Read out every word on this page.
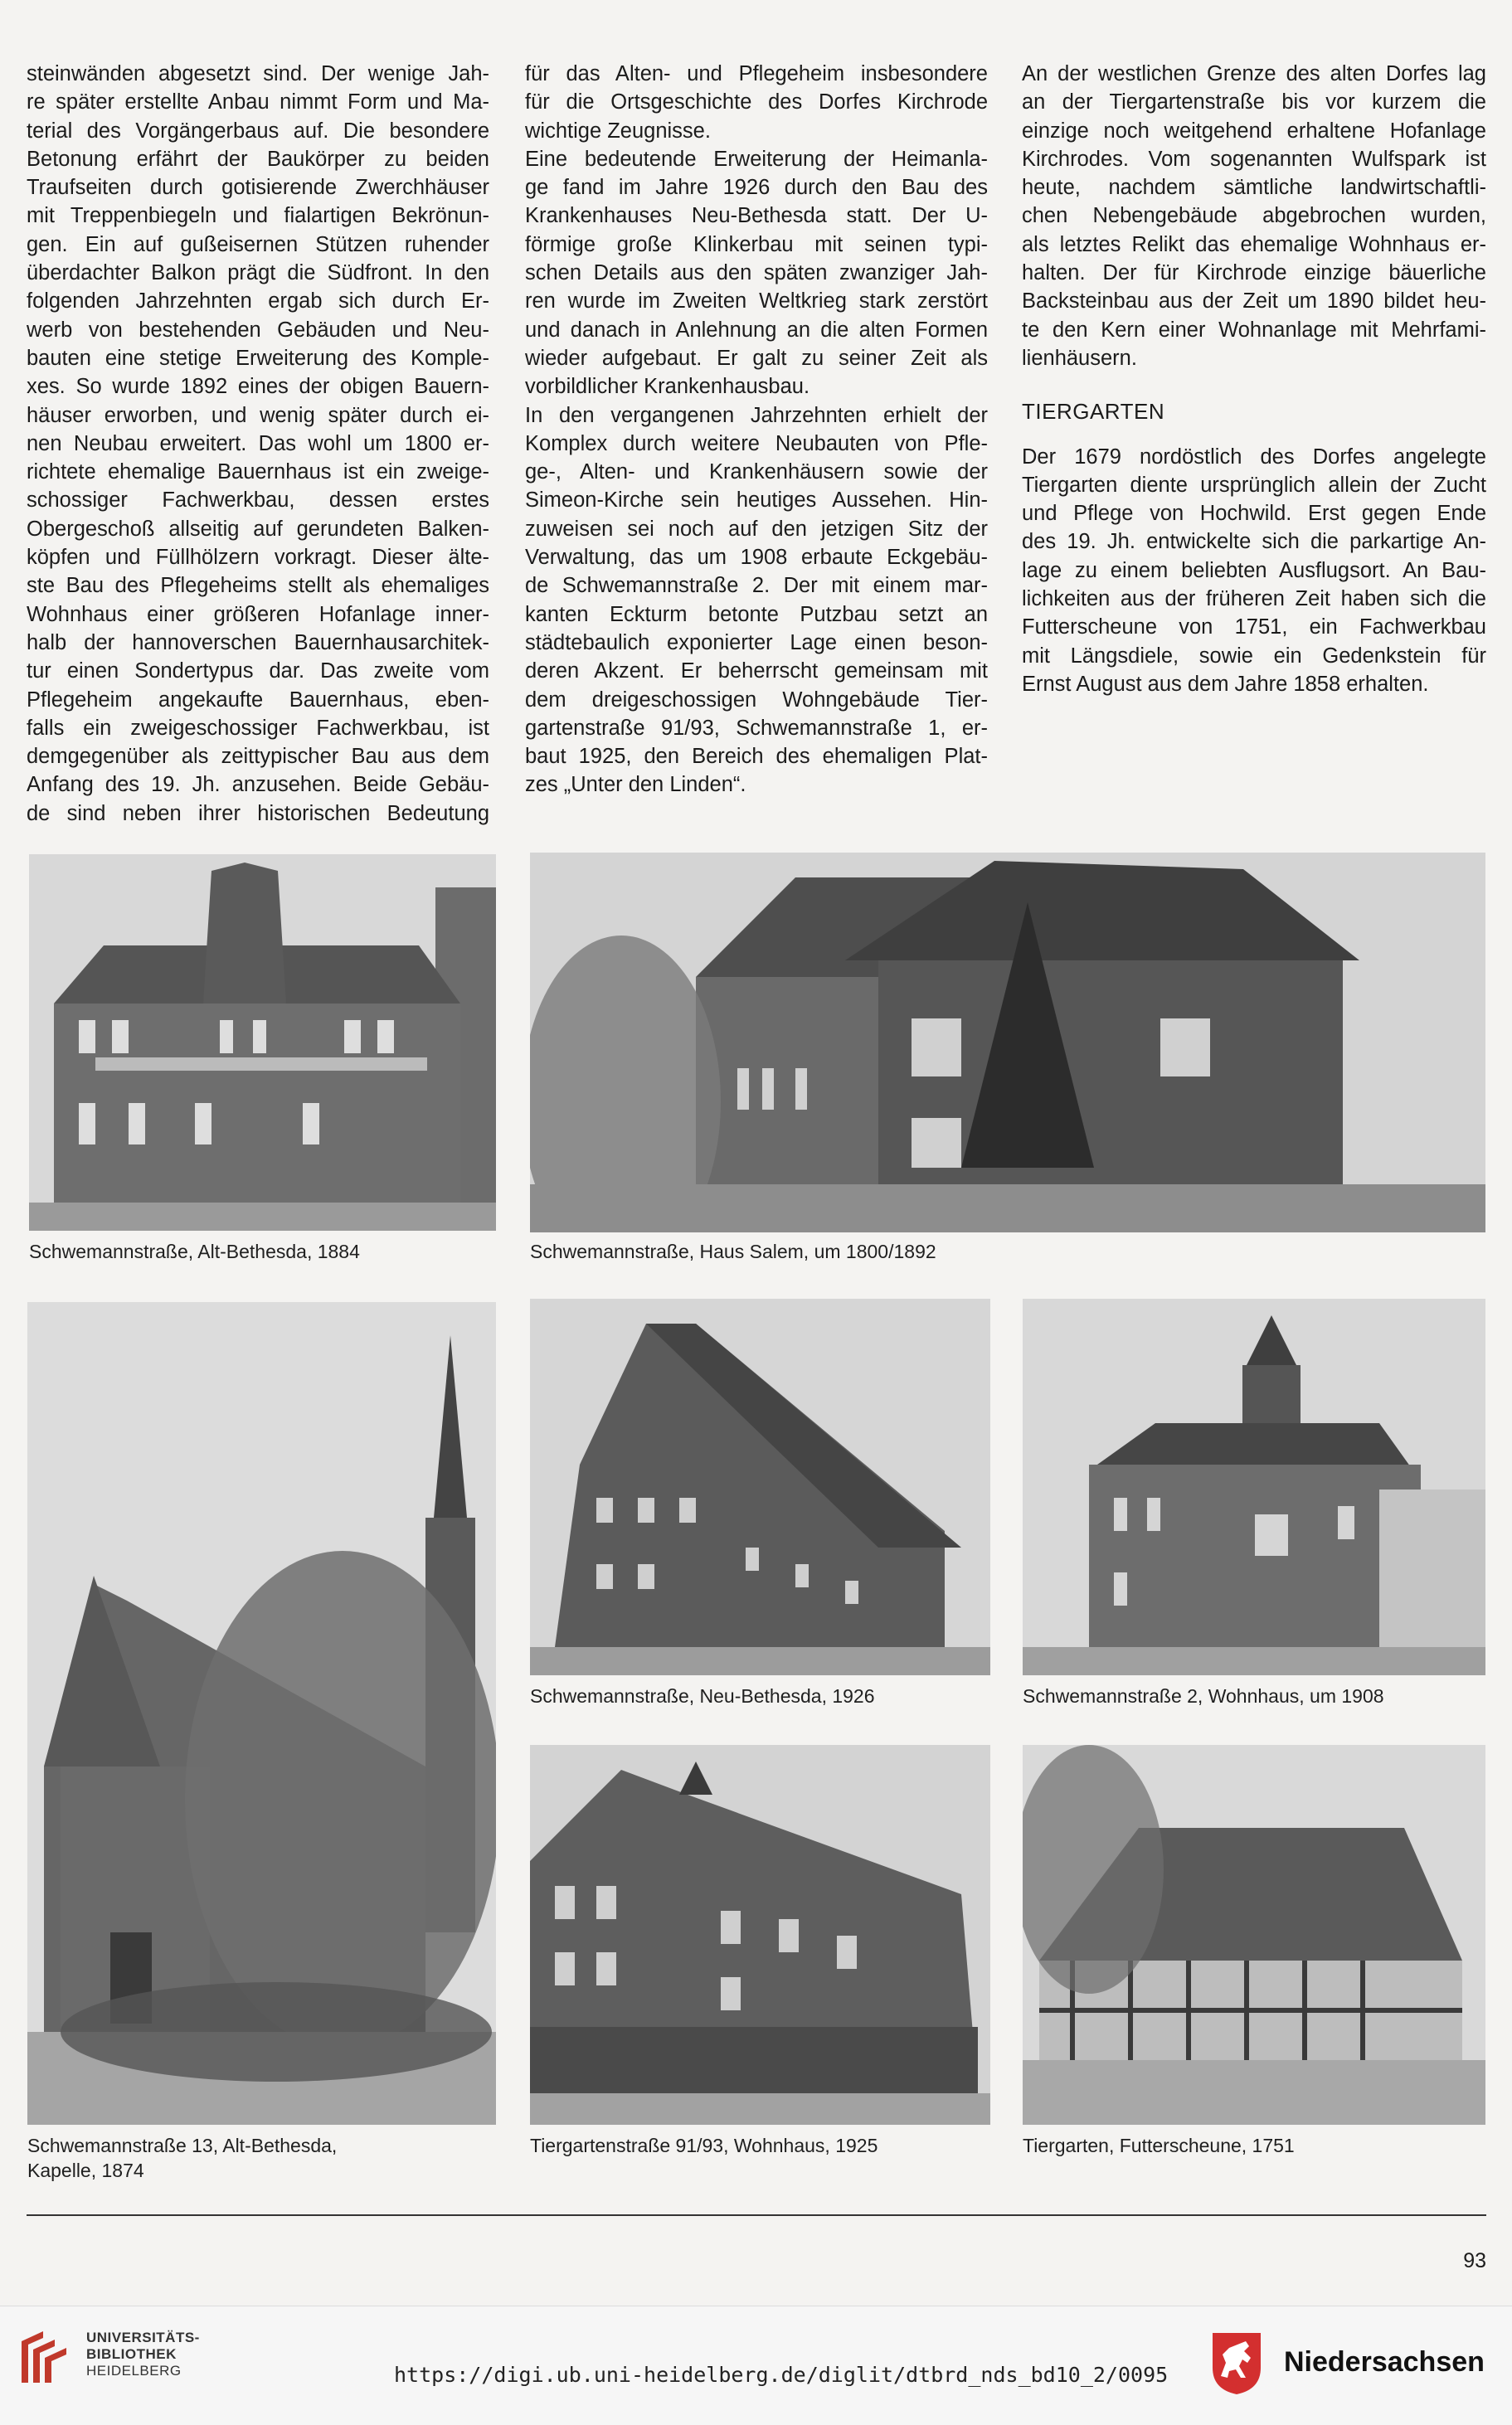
steinwänden abgesetzt sind. Der wenige Jah-
re später erstellte Anbau nimmt Form und Ma-
terial des Vorgängerbaus auf. Die besondere
Betonung erfährt der Baukörper zu beiden
Traufseiten durch gotisierende Zwerchhäuser
mit Treppenbiegeln und fialartigen Bekrönun-
gen. Ein auf gußeisernen Stützen ruhender
überdachter Balkon prägt die Südfront. In den
folgenden Jahrzehnten ergab sich durch Er-
werb von bestehenden Gebäuden und Neu-
bauten eine stetige Erweiterung des Komple-
xes. So wurde 1892 eines der obigen Bauern-
häuser erworben, und wenig später durch ei-
nen Neubau erweitert. Das wohl um 1800 er-
richtete ehemalige Bauernhaus ist ein zweige-
schossiger Fachwerkbau, dessen erstes
Obergeschoß allseitig auf gerundeten Balken-
köpfen und Füllhölzern vorkragt. Dieser älte-
ste Bau des Pflegeheims stellt als ehemaliges
Wohnhaus einer größeren Hofanlage inner-
halb der hannoverschen Bauernhausarchitek-
tur einen Sondertypus dar. Das zweite vom
Pflegeheim angekaufte Bauernhaus, eben-
falls ein zweigeschossiger Fachwerkbau, ist
demgegenüber als zeittypischer Bau aus dem
Anfang des 19. Jh. anzusehen. Beide Gebäu-
de sind neben ihrer historischen Bedeutung
für das Alten- und Pflegeheim insbesondere
für die Ortsgeschichte des Dorfes Kirchrode
wichtige Zeugnisse.
Eine bedeutende Erweiterung der Heimanla-
ge fand im Jahre 1926 durch den Bau des
Krankenhauses Neu-Bethesda statt. Der U-
förmige große Klinkerbau mit seinen typi-
schen Details aus den späten zwanziger Jah-
ren wurde im Zweiten Weltkrieg stark zerstört
und danach in Anlehnung an die alten Formen
wieder aufgebaut. Er galt zu seiner Zeit als
vorbildlicher Krankenhausbau.
In den vergangenen Jahrzehnten erhielt der
Komplex durch weitere Neubauten von Pfle-
ge-, Alten- und Krankenhäusern sowie der
Simeon-Kirche sein heutiges Aussehen. Hin-
zuweisen sei noch auf den jetzigen Sitz der
Verwaltung, das um 1908 erbaute Eckgebäu-
de Schwemannstraße 2. Der mit einem mar-
kanten Eckturm betonte Putzbau setzt an
städtebaulich exponierter Lage einen beson-
deren Akzent. Er beherrscht gemeinsam mit
dem dreigeschossigen Wohngebäude Tier-
gartenstraße 91/93, Schwemannstraße 1, er-
baut 1925, den Bereich des ehemaligen Plat-
zes „Unter den Linden“.
An der westlichen Grenze des alten Dorfes lag
an der Tiergartenstraße bis vor kurzem die
einzige noch weitgehend erhaltene Hofanlage
Kirchrodes. Vom sogenannten Wulfspark ist
heute, nachdem sämtliche landwirtschaftli-
chen Nebengebäude abgebrochen wurden,
als letztes Relikt das ehemalige Wohnhaus er-
halten. Der für Kirchrode einzige bäuerliche
Backsteinbau aus der Zeit um 1890 bildet heu-
te den Kern einer Wohnanlage mit Mehrfami-
lienhäusern.
TIERGARTEN
Der 1679 nordöstlich des Dorfes angelegte
Tiergarten diente ursprünglich allein der Zucht
und Pflege von Hochwild. Erst gegen Ende
des 19. Jh. entwickelte sich die parkartige An-
lage zu einem beliebten Ausflugsort. An Bau-
lichkeiten aus der früheren Zeit haben sich die
Futterscheune von 1751, ein Fachwerkbau
mit Längsdiele, sowie ein Gedenkstein für
Ernst August aus dem Jahre 1858 erhalten.
Schwemannstraße, Alt-Bethesda, 1884	Schwemannstraße, Haus Salem, um 1800/1892
Schwemannstraße 13, Alt-Bethesda,
Kapelle, 1874
Schwemannstraße, Neu-Bethesda, 1926	Schwemannstraße 2, Wohnhaus, um 1908
Tiergartenstraße 91/93, Wohnhaus, 1925	Tiergarten, Futterscheune, 1751
93
UNIVERSITÄTS-
BIBLIOTHEK
HEIDELBERG	https://digi.ub.uni-heidelberg.de/diglit/dtbrd_nds_bd10_2/0095	Niedersachsen
